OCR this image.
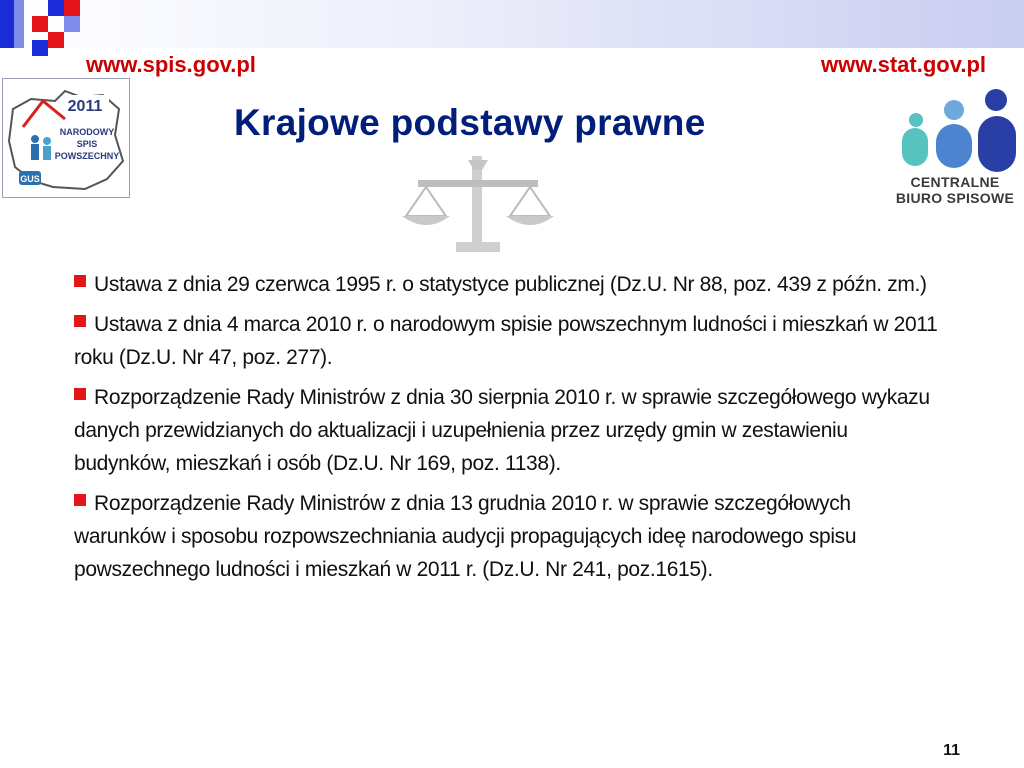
www.spis.gov.pl	www.stat.gov.pl
2011
NARODOWY
SPIS
POWSZECHNY
GUS
Krajowe podstawy prawne
CENTRALNE
BIURO SPISOWE
Ustawa z dnia 29 czerwca 1995 r. o statystyce publicznej (Dz.U. Nr 88, poz. 439 z późn. zm.)
Ustawa z dnia 4 marca 2010 r. o narodowym spisie powszechnym ludności i mieszkań w 2011 roku (Dz.U. Nr 47, poz. 277).
Rozporządzenie Rady Ministrów z dnia 30 sierpnia 2010 r. w sprawie szczegółowego wykazu danych przewidzianych do aktualizacji i uzupełnienia przez urzędy gmin w zestawieniu budynków, mieszkań i osób (Dz.U. Nr 169, poz. 1138).
Rozporządzenie Rady Ministrów z dnia 13 grudnia 2010 r. w sprawie szczegółowych warunków i sposobu rozpowszechniania audycji propagujących ideę narodowego spisu powszechnego ludności i mieszkań w 2011 r. (Dz.U. Nr 241, poz.1615).
11
